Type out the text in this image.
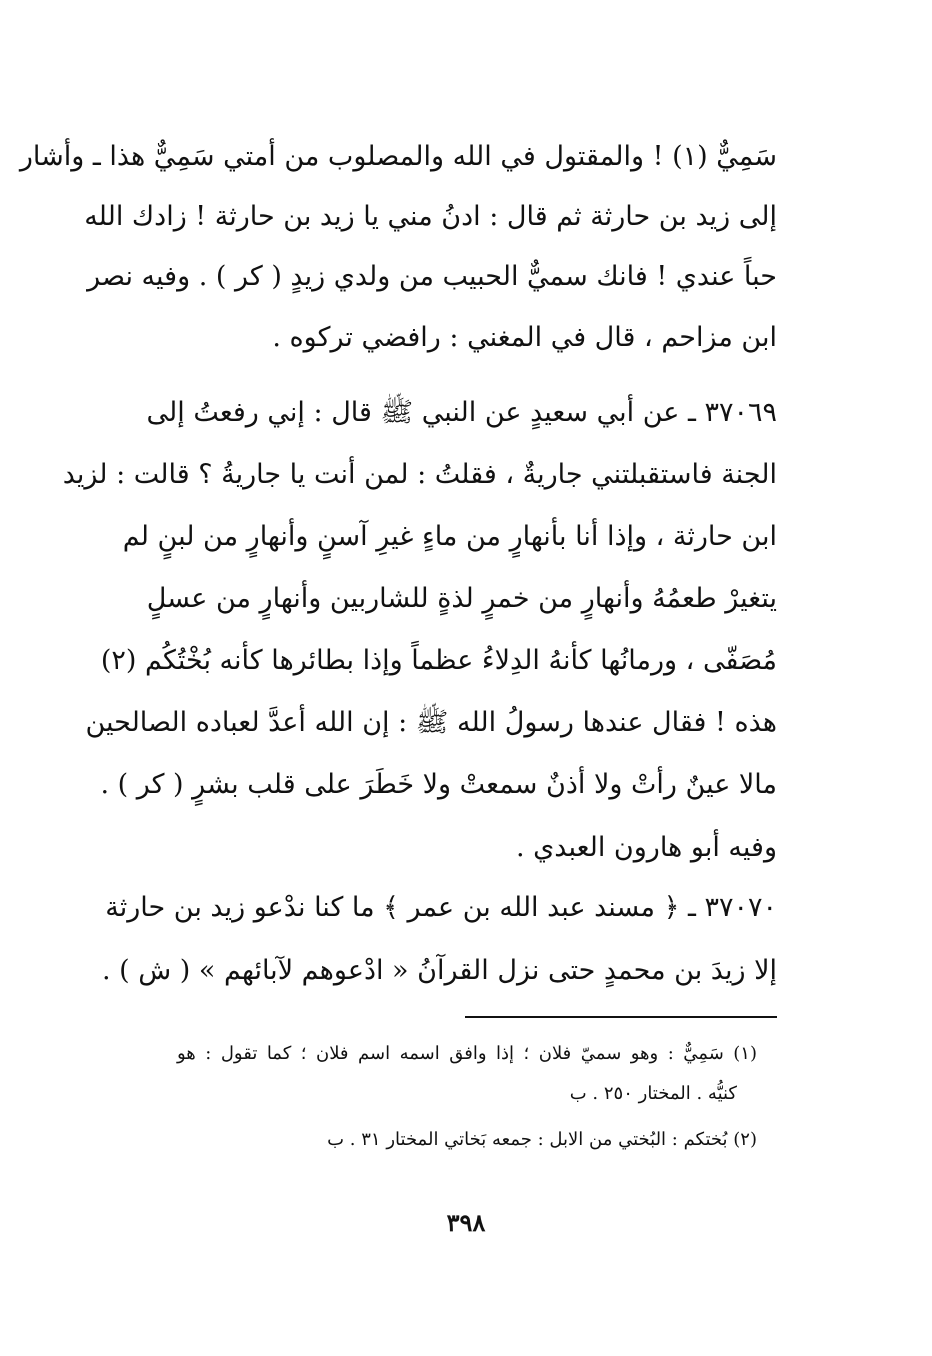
سَمِيٌّ (١) ! والمقتول في الله والمصلوب من أمتي سَمِيٌّ هذا ـ وأشار
إلى زيد بن حارثة ثم قال : ادنُ مني يا زيد بن حارثة ! زادك الله
حباً عندي ! فانك سميٌّ الحبيب من ولدي زيدٍ ( كر ) . وفيه نصر
ابن مزاحم ، قال في المغني : رافضي تركوه .
٣٧٠٦٩ ـ عن أبي سعيدٍ عن النبي ﷺ قال : إني رفعتُ إلى
الجنة فاستقبلتني جاريةٌ ، فقلتُ : لمن أنت يا جاريةُ ؟ قالت : لزيد
ابن حارثة ، وإذا أنا بأنهارٍ من ماءٍ غيرِ آسنٍ وأنهارٍ من لبنٍ لم
يتغيرْ طعمُهُ وأنهارٍ من خمرٍ لذةٍ للشاربين وأنهارٍ من عسلٍ
مُصَفّى ، ورمانُها كأنهُ الدِلاءُ عظماً وإذا بطائرها كأنه بُخْتُكُم (٢)
هذه ! فقال عندها رسولُ الله ﷺ : إن الله أعدَّ لعباده الصالحين
مالا عينٌ رأتْ ولا أذنٌ سمعتْ ولا خَطَرَ على قلب بشرٍ ( كر ) .
وفيه أبو هارون العبدي .
٣٧٠٧٠ ـ ﴿ مسند عبد الله بن عمر ﴾ ما كنا ندْعو زيد بن حارثة
إلا زيدَ بن محمدٍ حتى نزل القرآنُ « ادْعوهم لآبائهم » ( ش ) .
(١) سَمِيٌّ : وهو سميّ فلان ؛ إذا وافق اسمه اسم فلان ؛ كما تقول : هو
كنيُّه . المختار ٢٥٠ . ب
(٢) بُختكم : البُختي من الابل : جمعه بَخاتي المختار ٣١ . ب
٣٩٨
